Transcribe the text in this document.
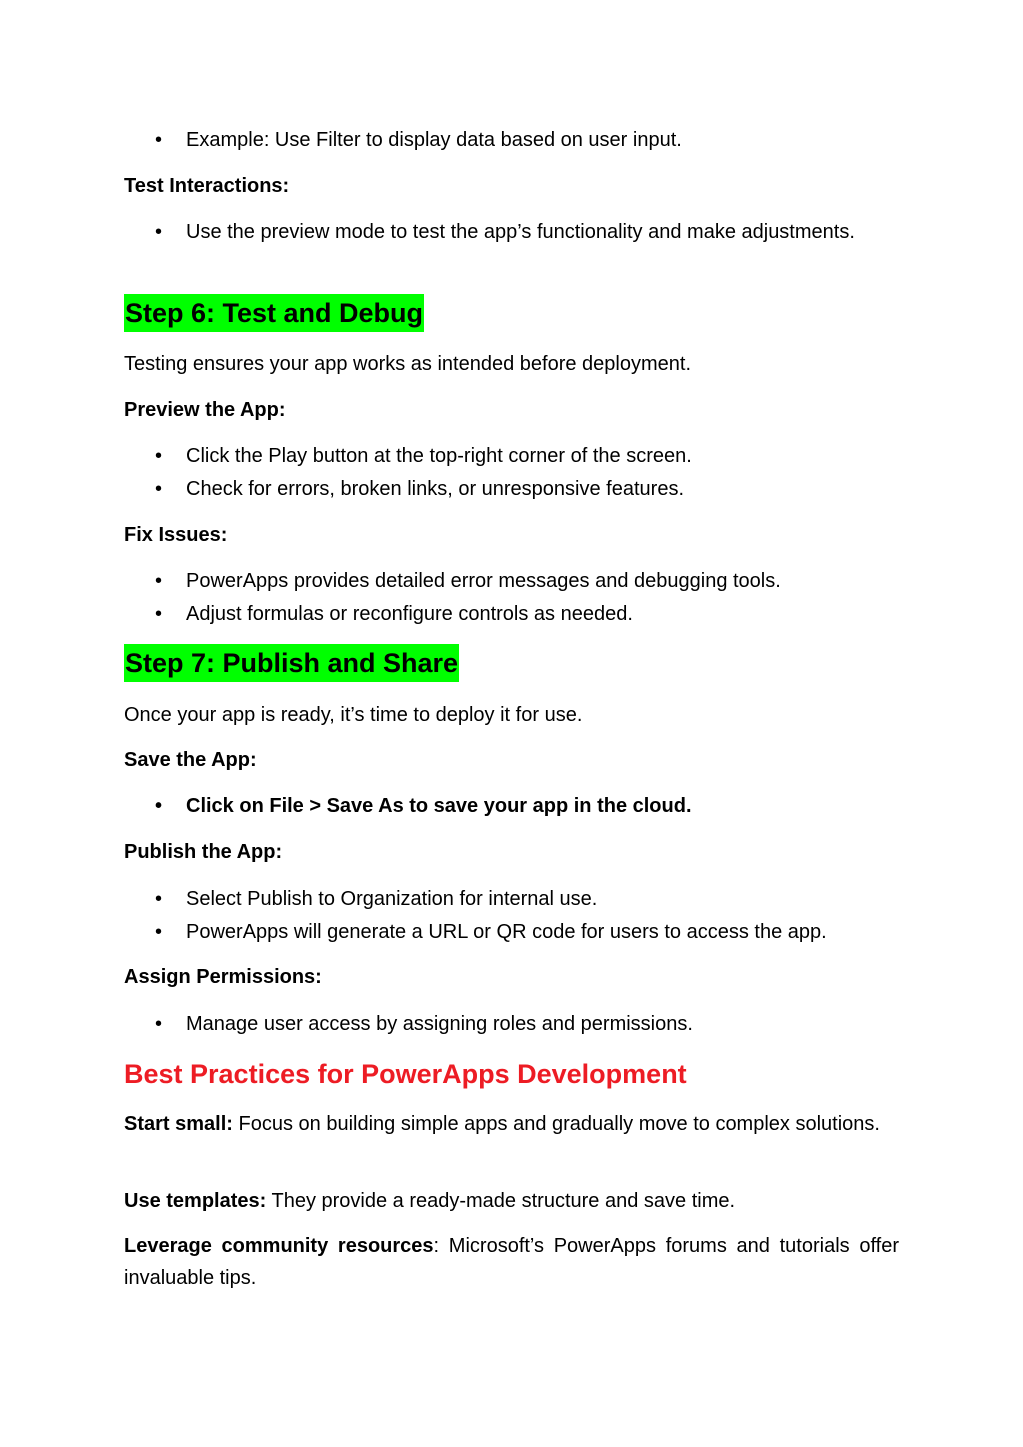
• Example: Use Filter to display data based on user input.

Test Interactions:

• Use the preview mode to test the app’s functionality and make adjustments.
Step 6: Test and Debug

Testing ensures your app works as intended before deployment.

Preview the App:

• Click the Play button at the top-right corner of the screen.
• Check for errors, broken links, or unresponsive features.

Fix Issues:

• PowerApps provides detailed error messages and debugging tools.
• Adjust formulas or reconfigure controls as needed.
Step 7: Publish and Share

Once your app is ready, it’s time to deploy it for use.

Save the App:

• Click on File > Save As to save your app in the cloud.

Publish the App:

• Select Publish to Organization for internal use.
• PowerApps will generate a URL or QR code for users to access the app.

Assign Permissions:

• Manage user access by assigning roles and permissions.

Best Practices for PowerApps Development

Start small: Focus on building simple apps and gradually move to complex solutions.

Use templates: They provide a ready-made structure and save time.

Leverage community resources: Microsoft’s PowerApps forums and tutorials offer invaluable tips.
